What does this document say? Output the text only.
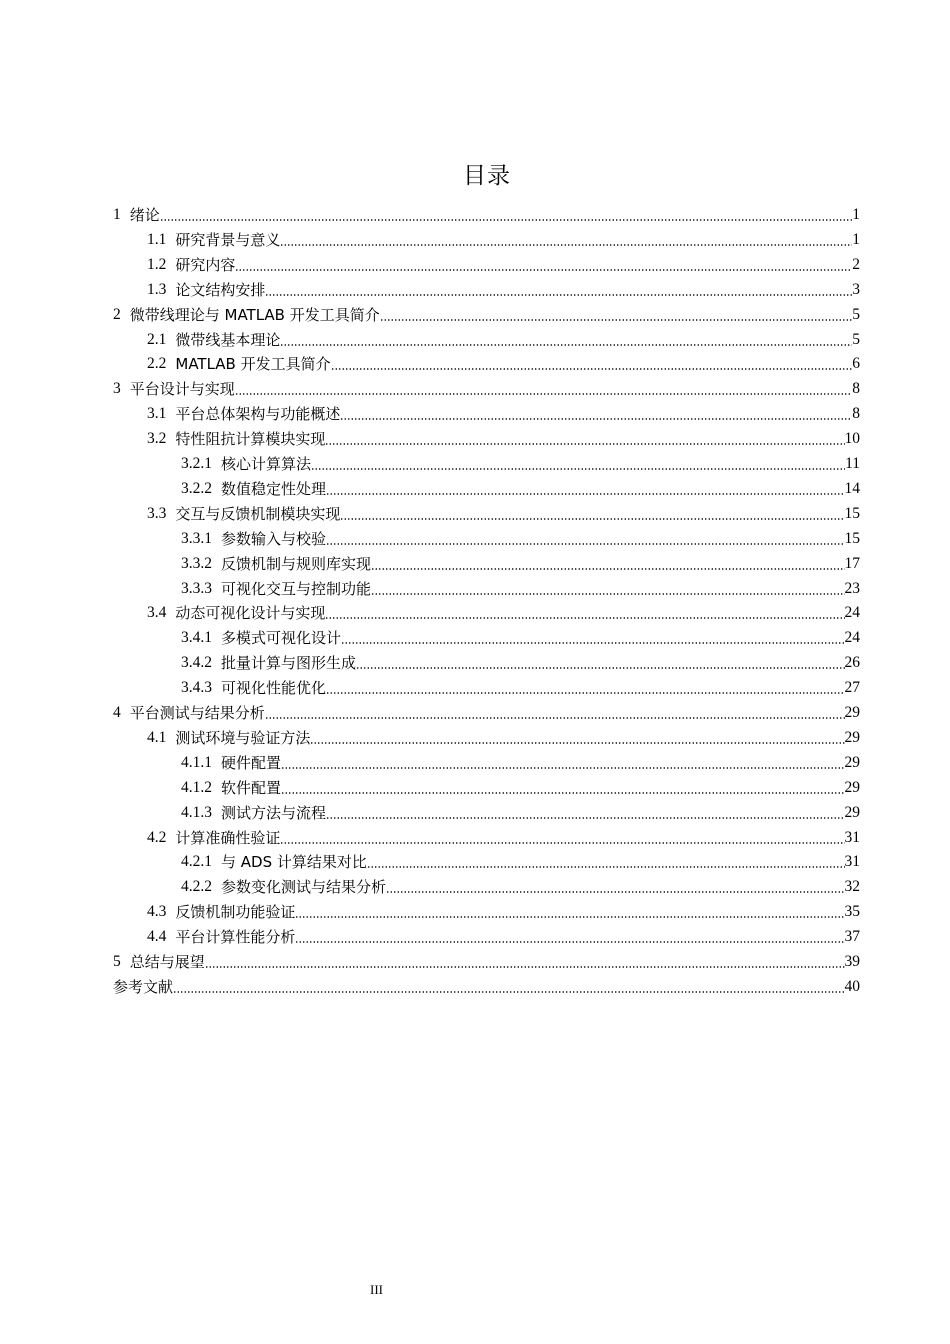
目录
1 绪论	1
1.1 研究背景与意义	1
1.2 研究内容	2
1.3 论文结构安排	3
2 微带线理论与 MATLAB 开发工具简介	5
2.1 微带线基本理论	5
2.2 MATLAB 开发工具简介	6
3 平台设计与实现	8
3.1 平台总体架构与功能概述	8
3.2 特性阻抗计算模块实现	10
3.2.1 核心计算算法	11
3.2.2 数值稳定性处理	14
3.3 交互与反馈机制模块实现	15
3.3.1 参数输入与校验	15
3.3.2 反馈机制与规则库实现	17
3.3.3 可视化交互与控制功能	23
3.4 动态可视化设计与实现	24
3.4.1 多模式可视化设计	24
3.4.2 批量计算与图形生成	26
3.4.3 可视化性能优化	27
4 平台测试与结果分析	29
4.1 测试环境与验证方法	29
4.1.1 硬件配置	29
4.1.2 软件配置	29
4.1.3 测试方法与流程	29
4.2 计算准确性验证	31
4.2.1 与 ADS 计算结果对比	31
4.2.2 参数变化测试与结果分析	32
4.3 反馈机制功能验证	35
4.4 平台计算性能分析	37
5 总结与展望	39
参考文献	40
III
